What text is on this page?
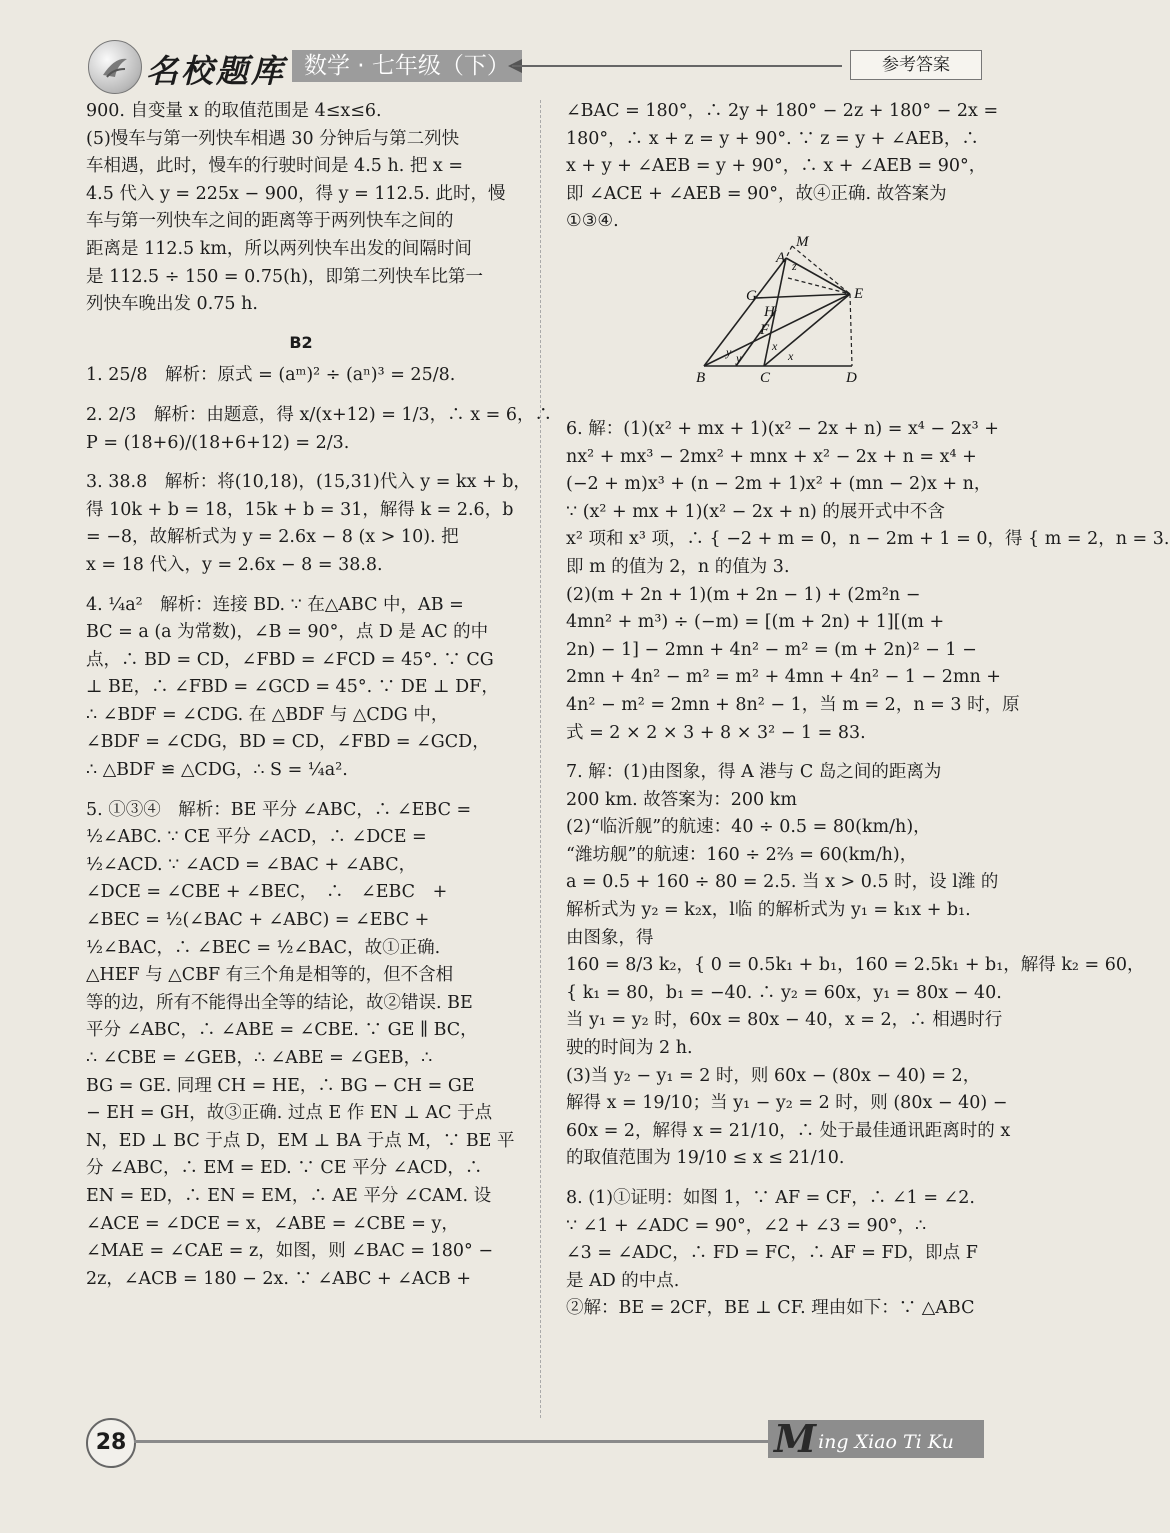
名校题库 数学 · 七年级（下）	参考答案
900. 自变量 x 的取值范围是 4≤x≤6.
(5)慢车与第一列快车相遇 30 分钟后与第二列快
车相遇，此时，慢车的行驶时间是 4.5 h. 把 x =
4.5 代入 y = 225x − 900，得 y = 112.5. 此时，慢
车与第一列快车之间的距离等于两列快车之间的
距离是 112.5 km，所以两列快车出发的间隔时间
是 112.5 ÷ 150 = 0.75(h)，即第二列快车比第一
列快车晚出发 0.75 h.
B2
1. 25/8　解析：原式 = (aᵐ)² ÷ (aⁿ)³ = 25/8.
2. 2/3　解析：由题意，得 x/(x+12) = 1/3，∴ x = 6，∴
P = (18+6)/(18+6+12) = 2/3.
3. 38.8　解析：将(10,18)，(15,31)代入 y = kx + b，
得 10k + b = 18，15k + b = 31，解得 k = 2.6，b
= −8，故解析式为 y = 2.6x − 8 (x > 10). 把
x = 18 代入，y = 2.6x − 8 = 38.8.
4. ¼a²　解析：连接 BD. ∵ 在△ABC 中，AB =
BC = a (a 为常数)，∠B = 90°，点 D 是 AC 的中
点，∴ BD = CD，∠FBD = ∠FCD = 45°. ∵ CG
⊥ BE，∴ ∠FBD = ∠GCD = 45°. ∵ DE ⊥ DF，
∴ ∠BDF = ∠CDG. 在 △BDF 与 △CDG 中，
∠BDF = ∠CDG，BD = CD，∠FBD = ∠GCD，
∴ △BDF ≌ △CDG，∴ S = ¼a².
5. ①③④　解析：BE 平分 ∠ABC，∴ ∠EBC =
½∠ABC. ∵ CE 平分 ∠ACD，∴ ∠DCE =
½∠ACD. ∵ ∠ACD = ∠BAC + ∠ABC，
∠DCE = ∠CBE + ∠BEC，　∴　∠EBC　+
∠BEC = ½(∠BAC + ∠ABC) = ∠EBC +
½∠BAC，∴ ∠BEC = ½∠BAC，故①正确.
△HEF 与 △CBF 有三个角是相等的，但不含相
等的边，所有不能得出全等的结论，故②错误. BE
平分 ∠ABC，∴ ∠ABE = ∠CBE. ∵ GE ∥ BC，
∴ ∠CBE = ∠GEB，∴ ∠ABE = ∠GEB，∴
BG = GE. 同理 CH = HE，∴ BG − CH = GE
− EH = GH，故③正确. 过点 E 作 EN ⊥ AC 于点
N，ED ⊥ BC 于点 D，EM ⊥ BA 于点 M，∵ BE 平
分 ∠ABC，∴ EM = ED. ∵ CE 平分 ∠ACD，∴
EN = ED，∴ EN = EM，∴ AE 平分 ∠CAM. 设
∠ACE = ∠DCE = x，∠ABE = ∠CBE = y，
∠MAE = ∠CAE = z，如图，则 ∠BAC = 180° −
2z，∠ACB = 180 − 2x. ∵ ∠ABC + ∠ACB +
∠BAC = 180°，∴ 2y + 180° − 2z + 180° − 2x =
180°，∴ x + z = y + 90°. ∵ z = y + ∠AEB，∴
x + y + ∠AEB = y + 90°，∴ x + ∠AEB = 90°，
即 ∠ACE + ∠AEB = 90°，故④正确. 故答案为
①③④.
6. 解：(1)(x² + mx + 1)(x² − 2x + n) = x⁴ − 2x³ +
nx² + mx³ − 2mx² + mnx + x² − 2x + n = x⁴ +
(−2 + m)x³ + (n − 2m + 1)x² + (mn − 2)x + n，
∵ (x² + mx + 1)(x² − 2x + n) 的展开式中不含
x² 项和 x³ 项，∴ { −2 + m = 0，n − 2m + 1 = 0，得 { m = 2，n = 3.
即 m 的值为 2，n 的值为 3.
(2)(m + 2n + 1)(m + 2n − 1) + (2m²n −
4mn² + m³) ÷ (−m) = [(m + 2n) + 1][(m +
2n) − 1] − 2mn + 4n² − m² = (m + 2n)² − 1 −
2mn + 4n² − m² = m² + 4mn + 4n² − 1 − 2mn +
4n² − m² = 2mn + 8n² − 1，当 m = 2，n = 3 时，原
式 = 2 × 2 × 3 + 8 × 3² − 1 = 83.
7. 解：(1)由图象，得 A 港与 C 岛之间的距离为
200 km. 故答案为：200 km
(2)“临沂舰”的航速：40 ÷ 0.5 = 80(km/h)，
“潍坊舰”的航速：160 ÷ 2⅔ = 60(km/h)，
a = 0.5 + 160 ÷ 80 = 2.5. 当 x > 0.5 时，设 l潍 的
解析式为 y₂ = k₂x，l临 的解析式为 y₁ = k₁x + b₁.
由图象，得
160 = 8/3 k₂，{ 0 = 0.5k₁ + b₁，160 = 2.5k₁ + b₁，解得 k₂ = 60，
{ k₁ = 80，b₁ = −40. ∴ y₂ = 60x，y₁ = 80x − 40.
当 y₁ = y₂ 时，60x = 80x − 40，x = 2，∴ 相遇时行
驶的时间为 2 h.
(3)当 y₂ − y₁ = 2 时，则 60x − (80x − 40) = 2，
解得 x = 19/10；当 y₁ − y₂ = 2 时，则 (80x − 40) −
60x = 2，解得 x = 21/10，∴ 处于最佳通讯距离时的 x
的取值范围为 19/10 ≤ x ≤ 21/10.
8. (1)①证明：如图 1，∵ AF = CF，∴ ∠1 = ∠2.
∵ ∠1 + ∠ADC = 90°，∠2 + ∠3 = 90°，∴
∠3 = ∠ADC，∴ FD = FC，∴ AF = FD，即点 F
是 AD 的中点.
②解：BE = 2CF，BE ⊥ CF. 理由如下：∵ △ABC
M
A
G
H
F
E
B	C	D
y y
x
x
z
28	Ming Xiao Ti Ku
